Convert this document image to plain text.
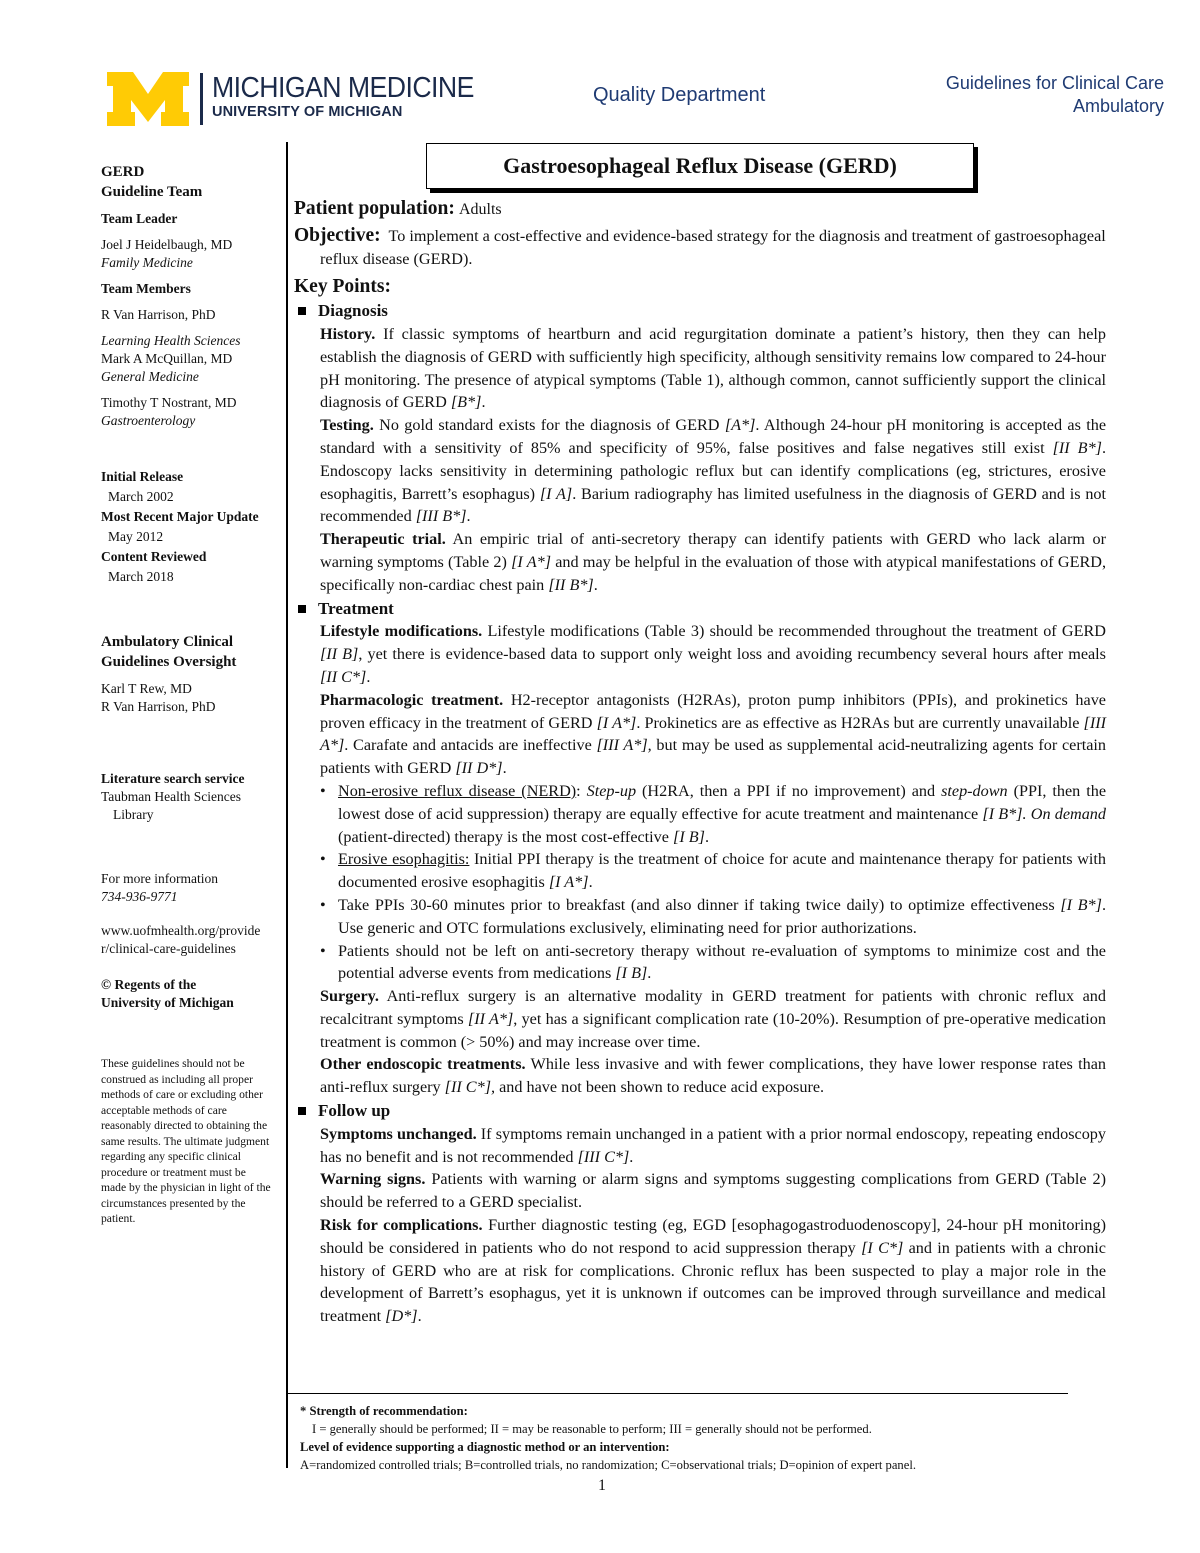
MICHIGAN MEDICINE
UNIVERSITY OF MICHIGAN
Quality Department
Guidelines for Clinical Care
Ambulatory
GERD
Guideline Team
Team Leader
Joel J Heidelbaugh, MD
Family Medicine
Team Members
R Van Harrison, PhD
Learning Health Sciences
Mark A McQuillan, MD
General Medicine
Timothy T Nostrant, MD
Gastroenterology
Initial Release
March 2002
Most Recent Major Update
May 2012
Content Reviewed
March 2018
Ambulatory Clinical
Guidelines Oversight
Karl T Rew, MD
R Van Harrison, PhD
Literature search service
Taubman Health Sciences
Library
For more information
734-936-9771
www.uofmhealth.org/provide
r/clinical-care-guidelines
© Regents of the
University of Michigan
These guidelines should not be construed as including all proper methods of care or excluding other acceptable methods of care reasonably directed to obtaining the same results. The ultimate judgment regarding any specific clinical procedure or treatment must be made by the physician in light of the circumstances presented by the patient.
Gastroesophageal Reflux Disease (GERD)
Patient population: Adults
Objective: To implement a cost-effective and evidence-based strategy for the diagnosis and treatment of gastroesophageal reflux disease (GERD).
Key Points:
Diagnosis
History. If classic symptoms of heartburn and acid regurgitation dominate a patient’s history, then they can help establish the diagnosis of GERD with sufficiently high specificity, although sensitivity remains low compared to 24-hour pH monitoring. The presence of atypical symptoms (Table 1), although common, cannot sufficiently support the clinical diagnosis of GERD [B*].
Testing. No gold standard exists for the diagnosis of GERD [A*]. Although 24-hour pH monitoring is accepted as the standard with a sensitivity of 85% and specificity of 95%, false positives and false negatives still exist [II B*]. Endoscopy lacks sensitivity in determining pathologic reflux but can identify complications (eg, strictures, erosive esophagitis, Barrett’s esophagus) [I A]. Barium radiography has limited usefulness in the diagnosis of GERD and is not recommended [III B*].
Therapeutic trial. An empiric trial of anti-secretory therapy can identify patients with GERD who lack alarm or warning symptoms (Table 2) [I A*] and may be helpful in the evaluation of those with atypical manifestations of GERD, specifically non-cardiac chest pain [II B*].
Treatment
Lifestyle modifications. Lifestyle modifications (Table 3) should be recommended throughout the treatment of GERD [II B], yet there is evidence-based data to support only weight loss and avoiding recumbency several hours after meals [II C*].
Pharmacologic treatment. H2-receptor antagonists (H2RAs), proton pump inhibitors (PPIs), and prokinetics have proven efficacy in the treatment of GERD [I A*]. Prokinetics are as effective as H2RAs but are currently unavailable [III A*]. Carafate and antacids are ineffective [III A*], but may be used as supplemental acid-neutralizing agents for certain patients with GERD [II D*].
• Non-erosive reflux disease (NERD): Step-up (H2RA, then a PPI if no improvement) and step-down (PPI, then the lowest dose of acid suppression) therapy are equally effective for acute treatment and maintenance [I B*]. On demand (patient-directed) therapy is the most cost-effective [I B].
• Erosive esophagitis: Initial PPI therapy is the treatment of choice for acute and maintenance therapy for patients with documented erosive esophagitis [I A*].
• Take PPIs 30-60 minutes prior to breakfast (and also dinner if taking twice daily) to optimize effectiveness [I B*]. Use generic and OTC formulations exclusively, eliminating need for prior authorizations.
• Patients should not be left on anti-secretory therapy without re-evaluation of symptoms to minimize cost and the potential adverse events from medications [I B].
Surgery. Anti-reflux surgery is an alternative modality in GERD treatment for patients with chronic reflux and recalcitrant symptoms [II A*], yet has a significant complication rate (10-20%). Resumption of pre-operative medication treatment is common (> 50%) and may increase over time.
Other endoscopic treatments. While less invasive and with fewer complications, they have lower response rates than anti-reflux surgery [II C*], and have not been shown to reduce acid exposure.
Follow up
Symptoms unchanged. If symptoms remain unchanged in a patient with a prior normal endoscopy, repeating endoscopy has no benefit and is not recommended [III C*].
Warning signs. Patients with warning or alarm signs and symptoms suggesting complications from GERD (Table 2) should be referred to a GERD specialist.
Risk for complications. Further diagnostic testing (eg, EGD [esophagogastroduodenoscopy], 24-hour pH monitoring) should be considered in patients who do not respond to acid suppression therapy [I C*] and in patients with a chronic history of GERD who are at risk for complications. Chronic reflux has been suspected to play a major role in the development of Barrett’s esophagus, yet it is unknown if outcomes can be improved through surveillance and medical treatment [D*].
* Strength of recommendation:
I = generally should be performed; II = may be reasonable to perform; III = generally should not be performed.
Level of evidence supporting a diagnostic method or an intervention:
A=randomized controlled trials; B=controlled trials, no randomization; C=observational trials; D=opinion of expert panel.
1
